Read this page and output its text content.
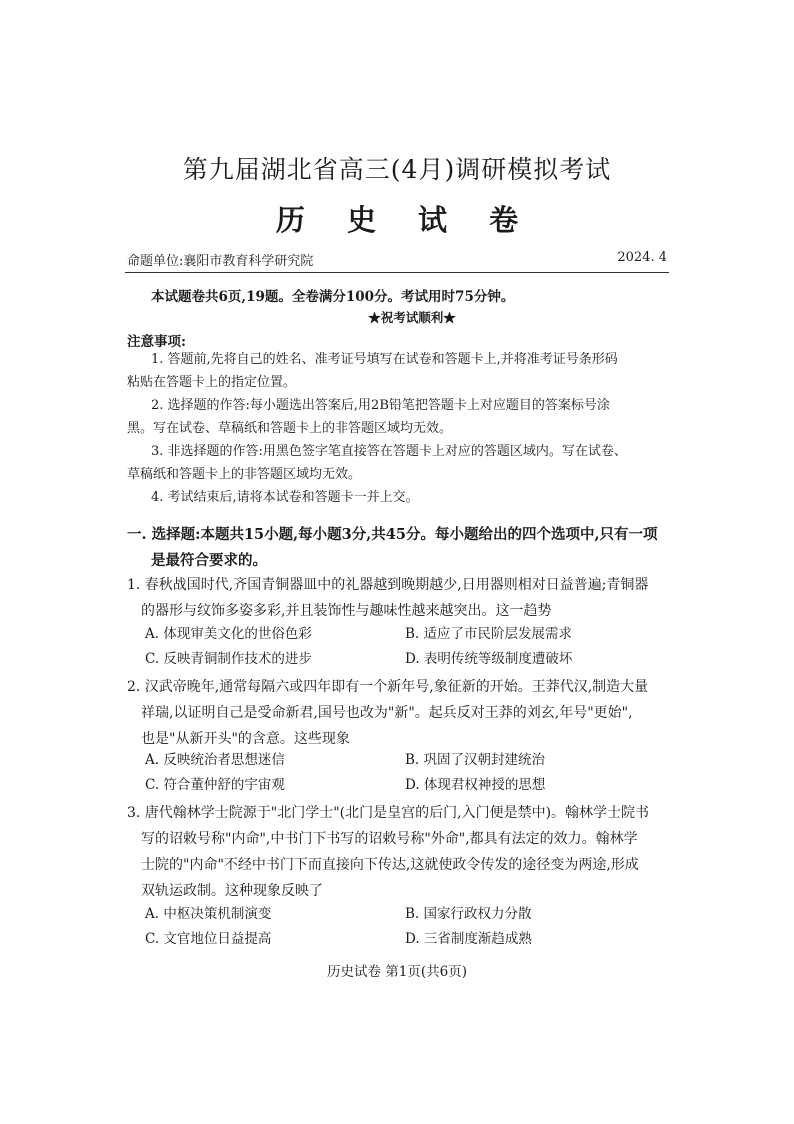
第九届湖北省高三(4月)调研模拟考试
历 史 试 卷
命题单位:襄阳市教育科学研究院	2024. 4
本试题卷共6页,19题。全卷满分100分。考试用时75分钟。
★祝考试顺利★
注意事项:
1. 答题前,先将自己的姓名、准考证号填写在试卷和答题卡上,并将准考证号条形码
粘贴在答题卡上的指定位置。
2. 选择题的作答:每小题选出答案后,用2B铅笔把答题卡上对应题目的答案标号涂
黑。写在试卷、草稿纸和答题卡上的非答题区域均无效。
3. 非选择题的作答:用黑色签字笔直接答在答题卡上对应的答题区域内。写在试卷、
草稿纸和答题卡上的非答题区域均无效。
4. 考试结束后,请将本试卷和答题卡一并上交。
一. 选择题:本题共15小题,每小题3分,共45分。每小题给出的四个选项中,只有一项
是最符合要求的。
1. 春秋战国时代,齐国青铜器皿中的礼器越到晚期越少,日用器则相对日益普遍;青铜器
的器形与纹饰多姿多彩,并且装饰性与趣味性越来越突出。这一趋势
A. 体现审美文化的世俗色彩	B. 适应了市民阶层发展需求
C. 反映青铜制作技术的进步	D. 表明传统等级制度遭破坏
2. 汉武帝晚年,通常每隔六或四年即有一个新年号,象征新的开始。王莽代汉,制造大量
祥瑞,以证明自己是受命新君,国号也改为"新"。起兵反对王莽的刘玄,年号"更始",
也是"从新开头"的含意。这些现象
A. 反映统治者思想迷信	B. 巩固了汉朝封建统治
C. 符合董仲舒的宇宙观	D. 体现君权神授的思想
3. 唐代翰林学士院源于"北门学士"(北门是皇宫的后门,入门便是禁中)。翰林学士院书
写的诏敕号称"内命",中书门下书写的诏敕号称"外命",都具有法定的效力。翰林学
士院的"内命"不经中书门下而直接向下传达,这就使政令传发的途径变为两途,形成
双轨运政制。这种现象反映了
A. 中枢决策机制演变	B. 国家行政权力分散
C. 文官地位日益提高	D. 三省制度渐趋成熟
历史试卷 第1页(共6页)
